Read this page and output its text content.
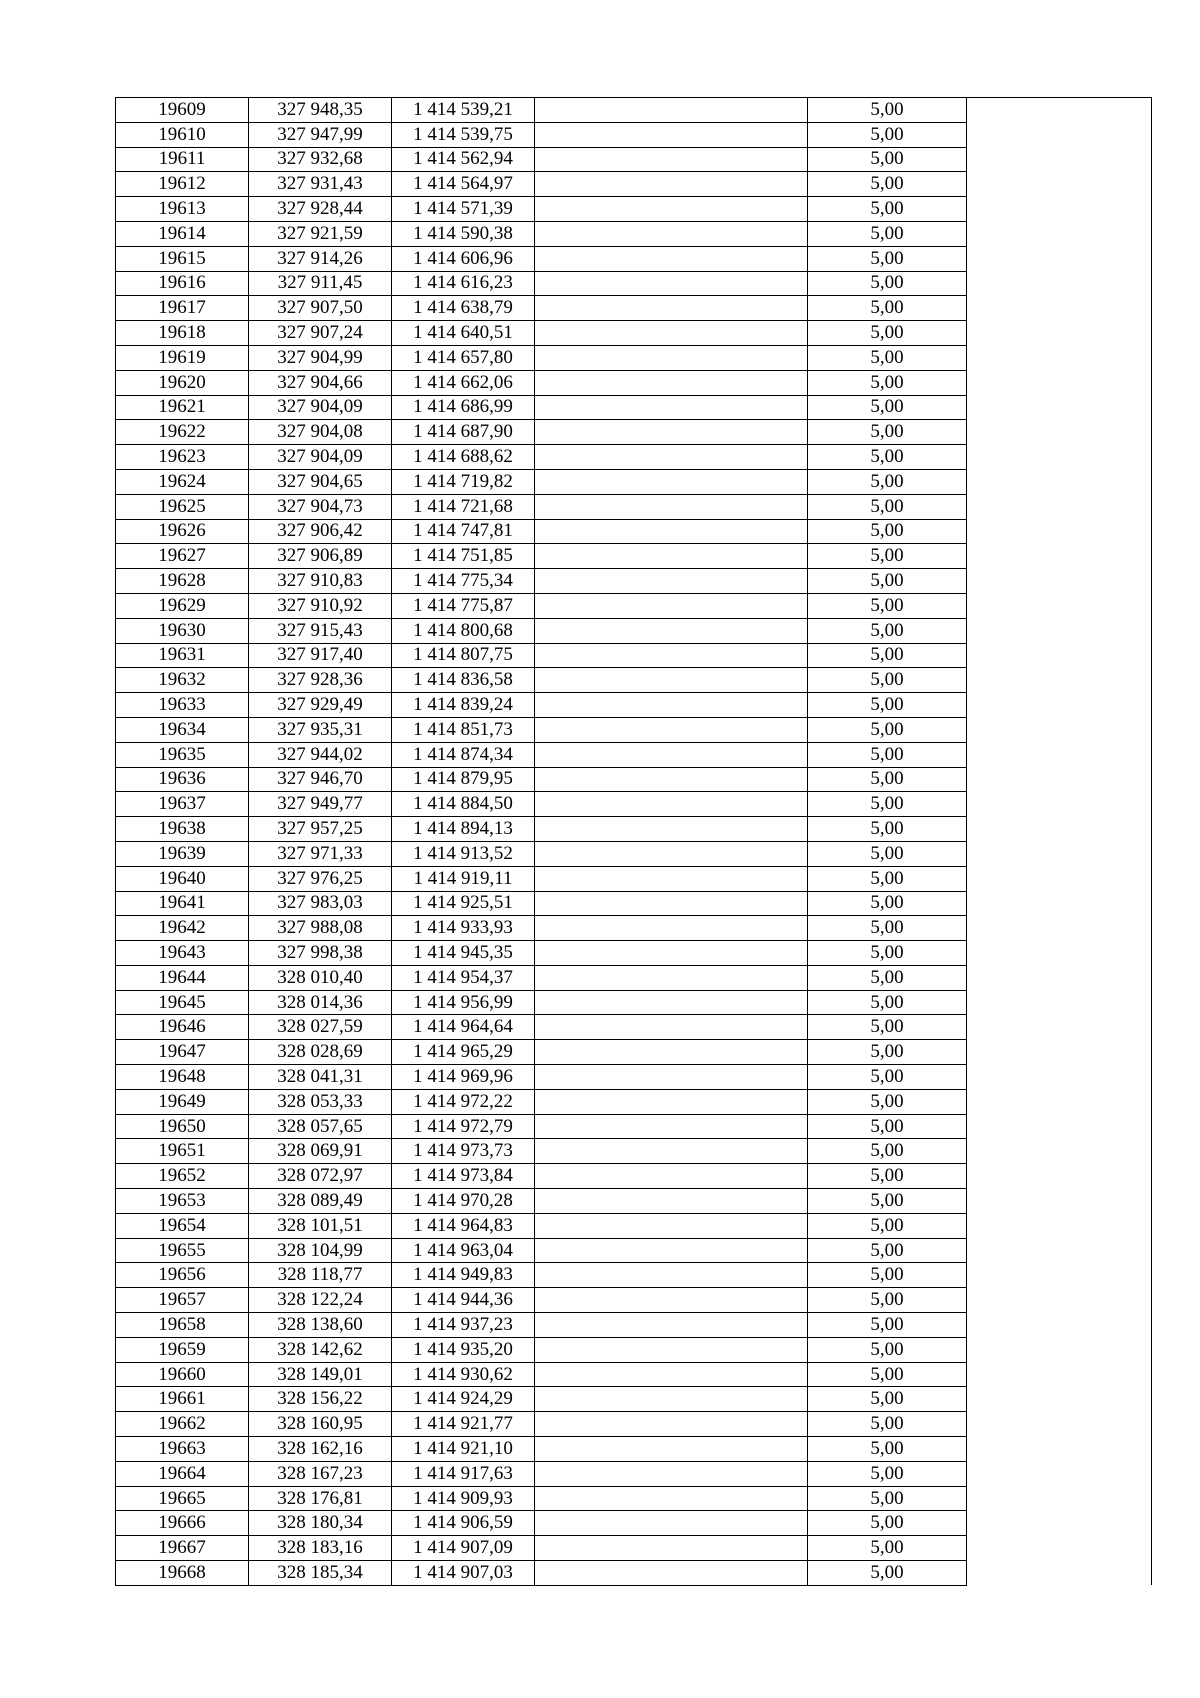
19609	327 948,35	1 414 539,21		5,00	
19610	327 947,99	1 414 539,75		5,00	
19611	327 932,68	1 414 562,94		5,00	
19612	327 931,43	1 414 564,97		5,00	
19613	327 928,44	1 414 571,39		5,00	
19614	327 921,59	1 414 590,38		5,00	
19615	327 914,26	1 414 606,96		5,00	
19616	327 911,45	1 414 616,23		5,00	
19617	327 907,50	1 414 638,79		5,00	
19618	327 907,24	1 414 640,51		5,00	
19619	327 904,99	1 414 657,80		5,00	
19620	327 904,66	1 414 662,06		5,00	
19621	327 904,09	1 414 686,99		5,00	
19622	327 904,08	1 414 687,90		5,00	
19623	327 904,09	1 414 688,62		5,00	
19624	327 904,65	1 414 719,82		5,00	
19625	327 904,73	1 414 721,68		5,00	
19626	327 906,42	1 414 747,81		5,00	
19627	327 906,89	1 414 751,85		5,00	
19628	327 910,83	1 414 775,34		5,00	
19629	327 910,92	1 414 775,87		5,00	
19630	327 915,43	1 414 800,68		5,00	
19631	327 917,40	1 414 807,75		5,00	
19632	327 928,36	1 414 836,58		5,00	
19633	327 929,49	1 414 839,24		5,00	
19634	327 935,31	1 414 851,73		5,00	
19635	327 944,02	1 414 874,34		5,00	
19636	327 946,70	1 414 879,95		5,00	
19637	327 949,77	1 414 884,50		5,00	
19638	327 957,25	1 414 894,13		5,00	
19639	327 971,33	1 414 913,52		5,00	
19640	327 976,25	1 414 919,11		5,00	
19641	327 983,03	1 414 925,51		5,00	
19642	327 988,08	1 414 933,93		5,00	
19643	327 998,38	1 414 945,35		5,00	
19644	328 010,40	1 414 954,37		5,00	
19645	328 014,36	1 414 956,99		5,00	
19646	328 027,59	1 414 964,64		5,00	
19647	328 028,69	1 414 965,29		5,00	
19648	328 041,31	1 414 969,96		5,00	
19649	328 053,33	1 414 972,22		5,00	
19650	328 057,65	1 414 972,79		5,00	
19651	328 069,91	1 414 973,73		5,00	
19652	328 072,97	1 414 973,84		5,00	
19653	328 089,49	1 414 970,28		5,00	
19654	328 101,51	1 414 964,83		5,00	
19655	328 104,99	1 414 963,04		5,00	
19656	328 118,77	1 414 949,83		5,00	
19657	328 122,24	1 414 944,36		5,00	
19658	328 138,60	1 414 937,23		5,00	
19659	328 142,62	1 414 935,20		5,00	
19660	328 149,01	1 414 930,62		5,00	
19661	328 156,22	1 414 924,29		5,00	
19662	328 160,95	1 414 921,77		5,00	
19663	328 162,16	1 414 921,10		5,00	
19664	328 167,23	1 414 917,63		5,00	
19665	328 176,81	1 414 909,93		5,00	
19666	328 180,34	1 414 906,59		5,00	
19667	328 183,16	1 414 907,09		5,00	
19668	328 185,34	1 414 907,03		5,00	
